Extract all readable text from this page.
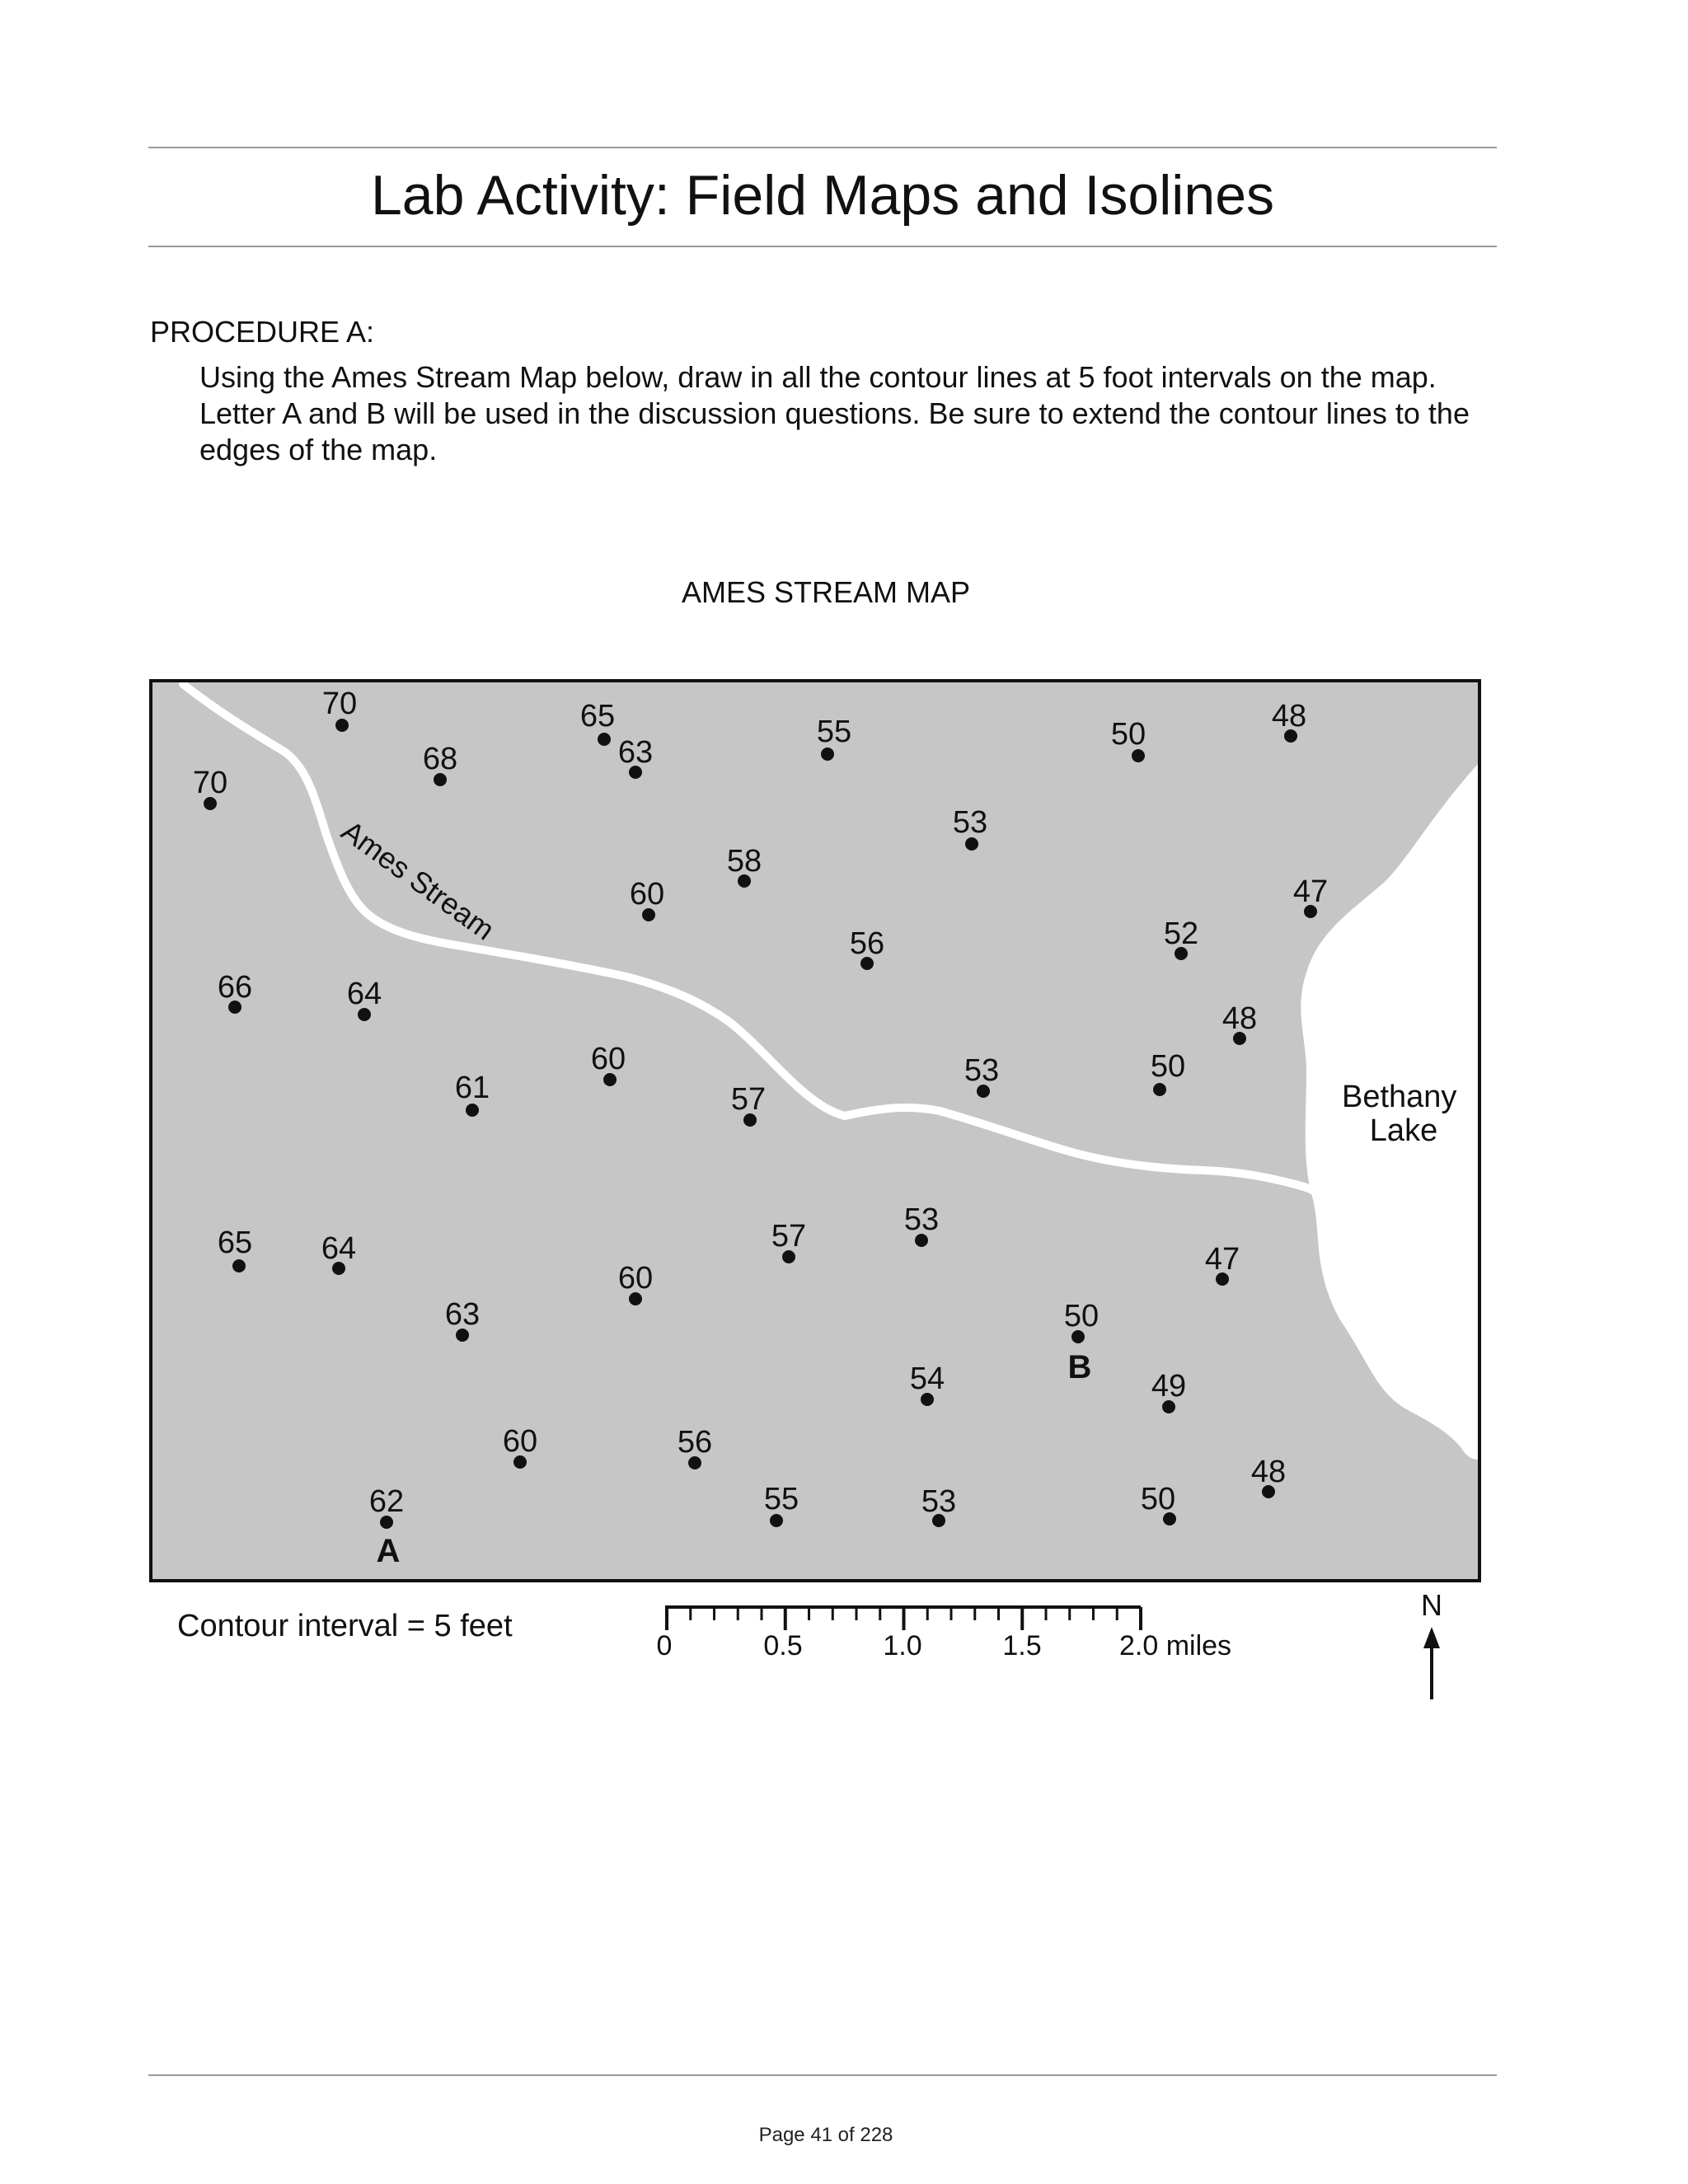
Lab Activity: Field Maps and Isolines
PROCEDURE A:
Using the Ames Stream Map below, draw in all the contour lines at 5 foot intervals on the map.
Letter A and B will be used in the discussion questions. Be sure to extend the contour lines to the
edges of the map.
AMES STREAM MAP
Ames Stream
Bethany Lake
70
70
68
65
63
55	50
48
53
58
60	47
56	52
66	64
48
61
60
57
53	50
65 64	57	53
47
60
63	50
54	49
60	56
48
62	55	53	50
A
B
Contour interval = 5 feet
0	0.5	1.0	1.5	2.0 miles
N
Page 41 of 228
